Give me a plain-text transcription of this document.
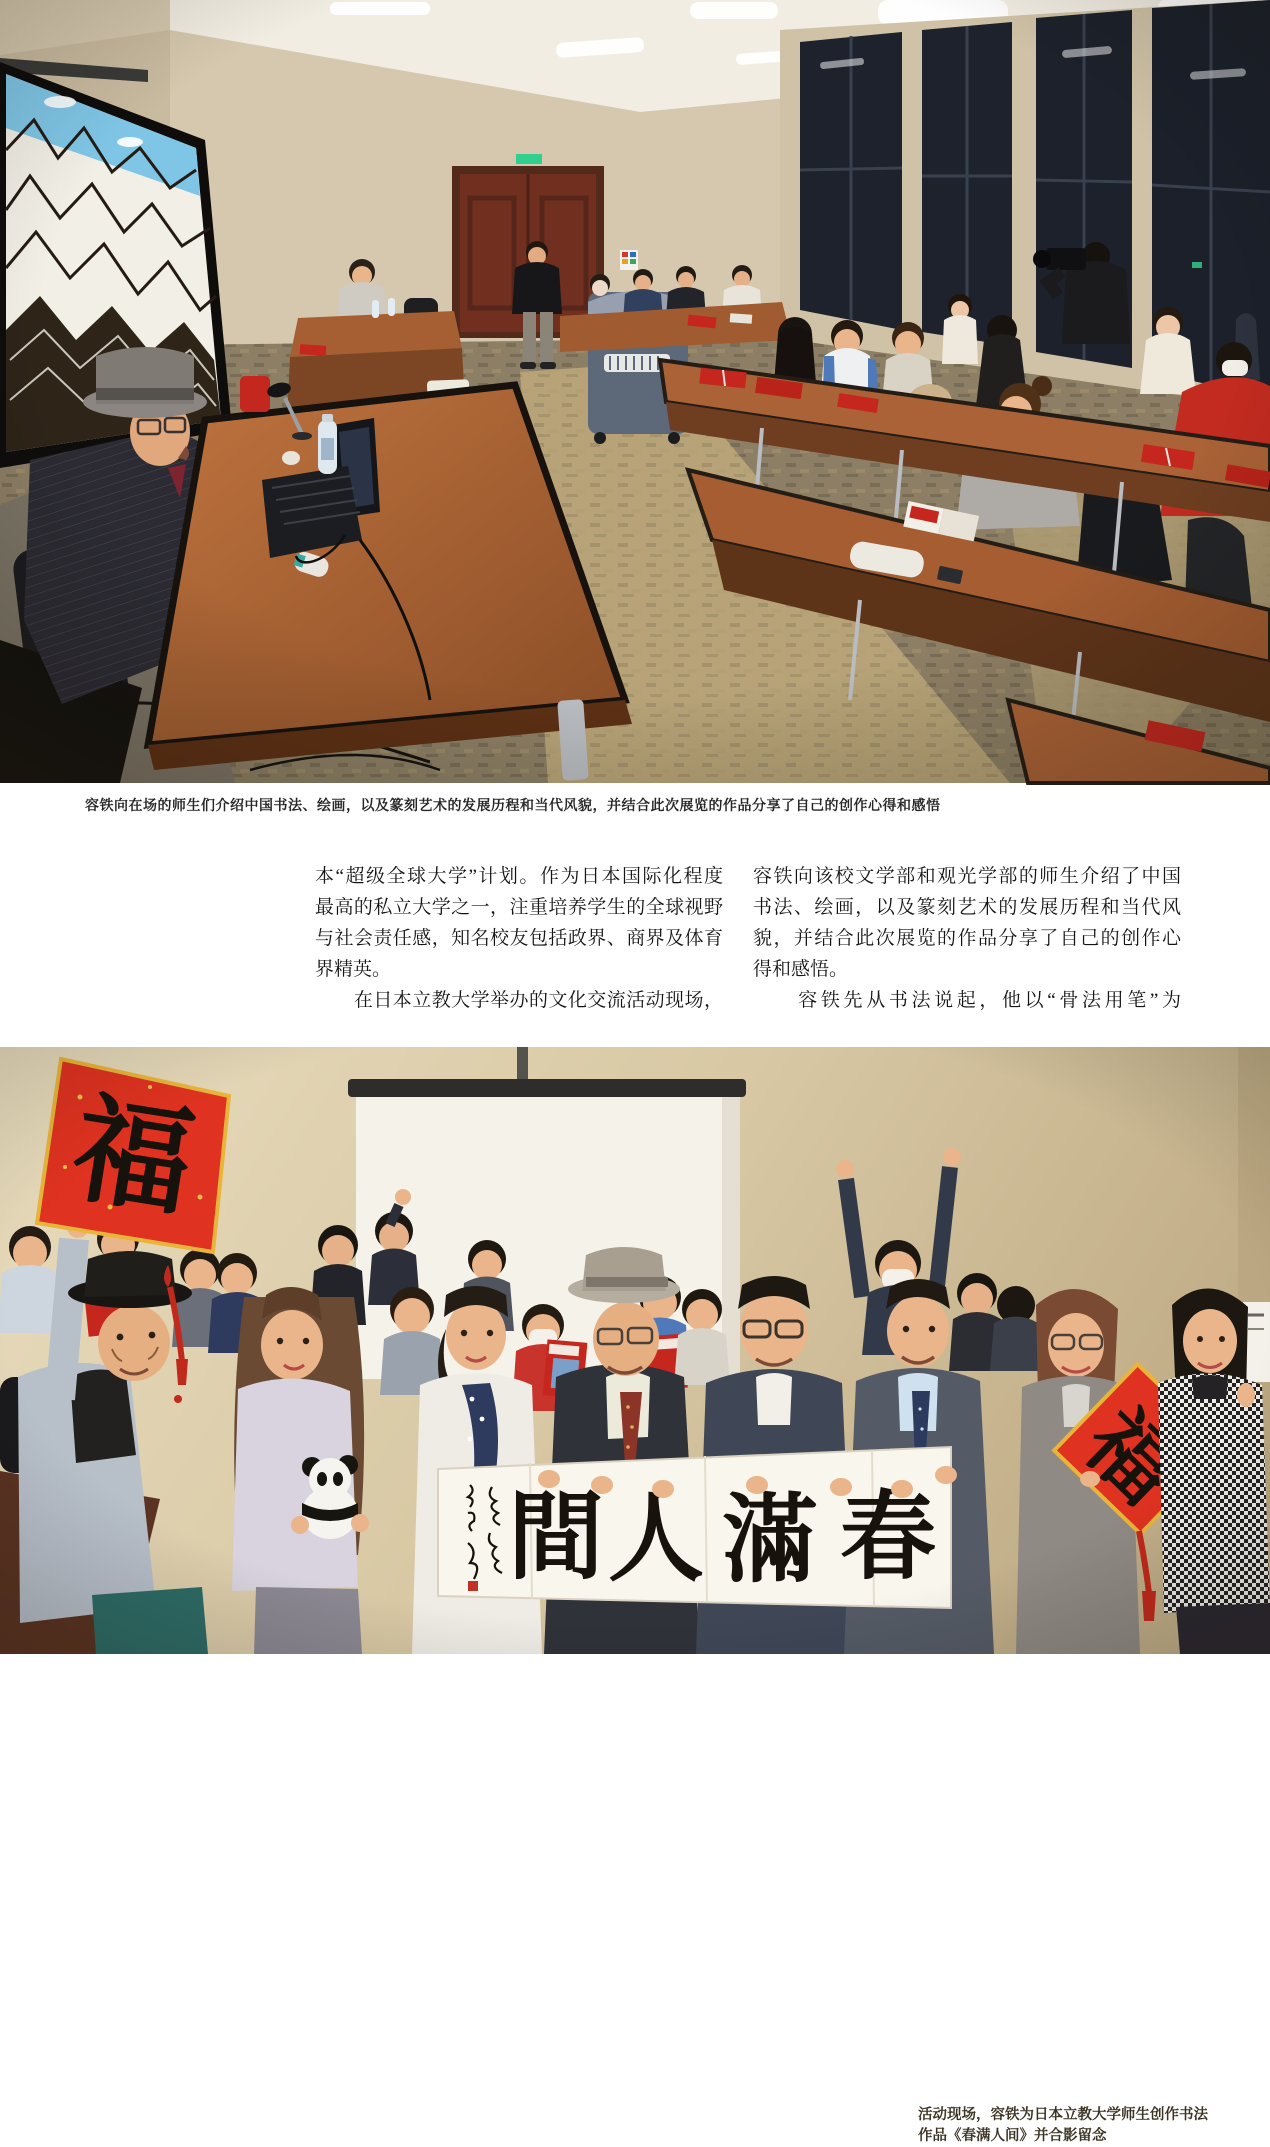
容铁向在场的师生们介绍中国书法、绘画，以及篆刻艺术的发展历程和当代风貌，并结合此次展览的作品分享了自己的创作心得和感悟
本“超级全球大学”计划。作为日本国际化程度
最高的私立大学之一，注重培养学生的全球视野
与社会责任感，知名校友包括政界、商界及体育
界精英。
　　在日本立教大学举办的文化交流活动现场，
容铁向该校文学部和观光学部的师生介绍了中国
书法、绘画，以及篆刻艺术的发展历程和当代风
貌，并结合此次展览的作品分享了自己的创作心
得和感悟。
　　容铁先从书法说起，他以“骨法用笔”为
活动现场，容铁为日本立教大学师生创作书法
作品《春满人间》并合影留念
